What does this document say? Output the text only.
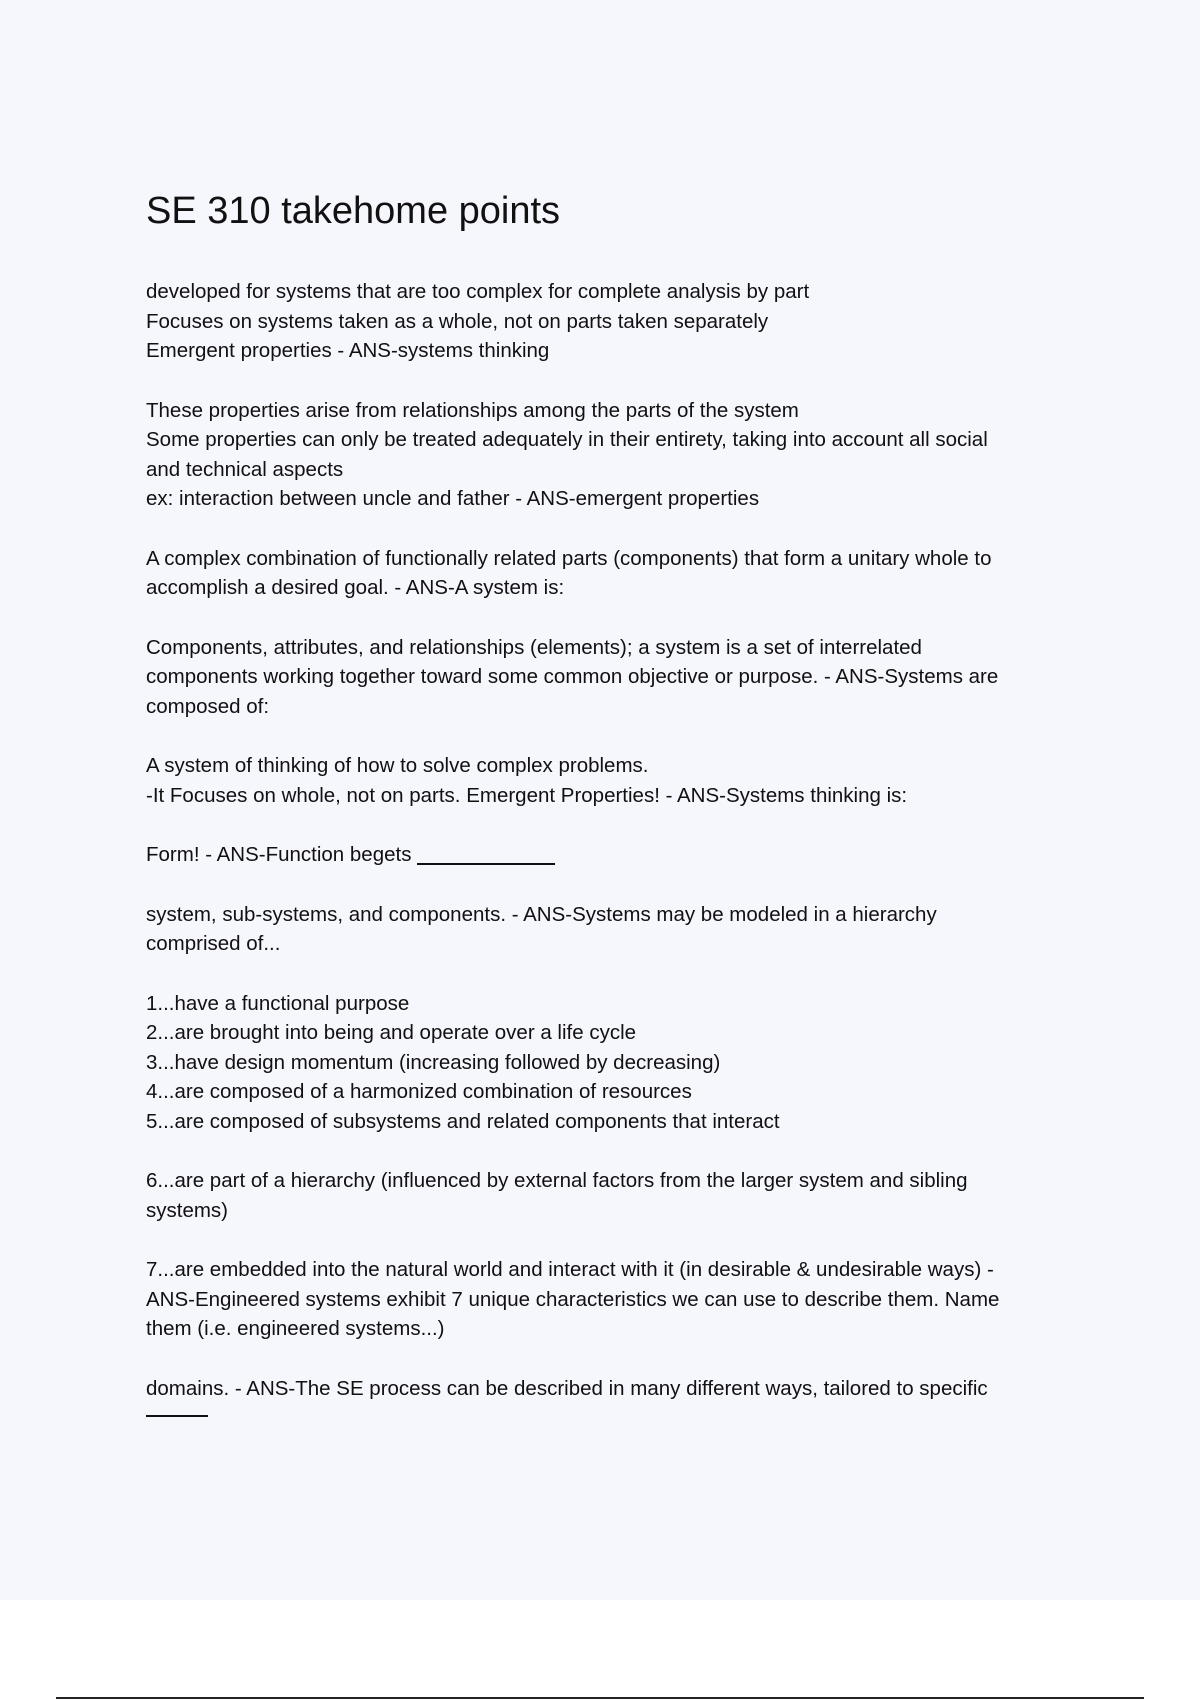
SE 310 takehome points

developed for systems that are too complex for complete analysis by part
Focuses on systems taken as a whole, not on parts taken separately
Emergent properties - ANS-systems thinking

These properties arise from relationships among the parts of the system
Some properties can only be treated adequately in their entirety, taking into account all social
and technical aspects
ex: interaction between uncle and father - ANS-emergent properties

A complex combination of functionally related parts (components) that form a unitary whole to
accomplish a desired goal. - ANS-A system is:

Components, attributes, and relationships (elements); a system is a set of interrelated
components working together toward some common objective or purpose. - ANS-Systems are
composed of:

A system of thinking of how to solve complex problems.
-It Focuses on whole, not on parts. Emergent Properties! - ANS-Systems thinking is:

Form! - ANS-Function begets

system, sub-systems, and components. - ANS-Systems may be modeled in a hierarchy
comprised of...

1...have a functional purpose
2...are brought into being and operate over a life cycle
3...have design momentum (increasing followed by decreasing)
4...are composed of a harmonized combination of resources
5...are composed of subsystems and related components that interact

6...are part of a hierarchy (influenced by external factors from the larger system and sibling
systems)

7...are embedded into the natural world and interact with it (in desirable & undesirable ways) -
ANS-Engineered systems exhibit 7 unique characteristics we can use to describe them. Name
them (i.e. engineered systems...)

domains. - ANS-The SE process can be described in many different ways, tailored to specific
